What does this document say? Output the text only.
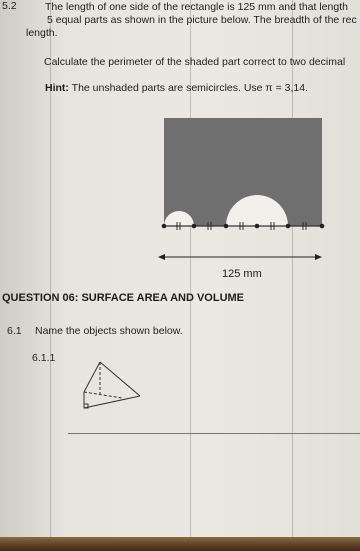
5.2	The length of one side of the rectangle is 125 mm and that length
5 equal parts as shown in the picture below. The breadth of the rec
length.
Calculate the perimeter of the shaded part correct to two decimal
Hint: The unshaded parts are semicircles. Use π = 3,14.
125 mm
QUESTION 06: SURFACE AREA AND VOLUME
6.1 Name the objects shown below.
6.1.1
